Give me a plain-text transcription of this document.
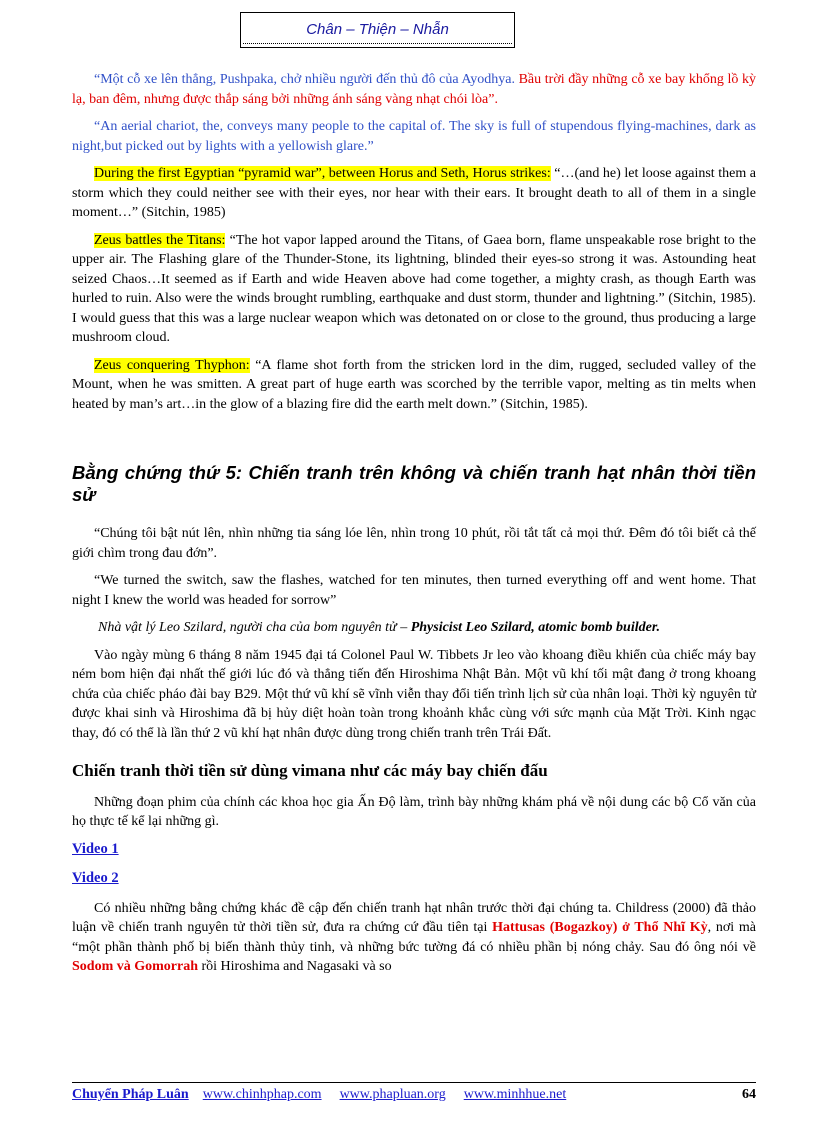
Chân – Thiện – Nhẫn

“Một cỗ xe lên thẳng, Pushpaka, chở nhiều người đến thủ đô của Ayodhya. Bầu trời đầy những cỗ xe bay khổng lồ kỳ lạ, ban đêm, nhưng được thắp sáng bởi những ánh sáng vàng nhạt chói lòa”.

“An aerial chariot, the, conveys many people to the capital of. The sky is full of stupendous flying-machines, dark as night,but picked out by lights with a yellowish glare.”

During the first Egyptian “pyramid war”, between Horus and Seth, Horus strikes: “…(and he) let loose against them a storm which they could neither see with their eyes, nor hear with their ears. It brought death to all of them in a single moment…” (Sitchin, 1985)

Zeus battles the Titans: “The hot vapor lapped around the Titans, of Gaea born, flame unspeakable rose bright to the upper air. The Flashing glare of the Thunder-Stone, its lightning, blinded their eyes-so strong it was. Astounding heat seized Chaos…It seemed as if Earth and wide Heaven above had come together, a mighty crash, as though Earth was hurled to ruin. Also were the winds brought rumbling, earthquake and dust storm, thunder and lightning.” (Sitchin, 1985). I would guess that this was a large nuclear weapon which was detonated on or close to the ground, thus producing a large mushroom cloud.

Zeus conquering Thyphon: “A flame shot forth from the stricken lord in the dim, rugged, secluded valley of the Mount, when he was smitten. A great part of huge earth was scorched by the terrible vapor, melting as tin melts when heated by man’s art…in the glow of a blazing fire did the earth melt down.” (Sitchin, 1985).

Bằng chứng thứ 5: Chiến tranh trên không và chiến tranh hạt nhân thời tiền sử

“Chúng tôi bật nút lên, nhìn những tia sáng lóe lên, nhìn trong 10 phút, rồi tắt tất cả mọi thứ. Đêm đó tôi biết cả thế giới chìm trong đau đớn”.

“We turned the switch, saw the flashes, watched for ten minutes, then turned everything off and went home. That night I knew the world was headed for sorrow”

Nhà vật lý Leo Szilard, người cha của bom nguyên tử – Physicist Leo Szilard, atomic bomb builder.

Vào ngày mùng 6 tháng 8 năm 1945 đại tá Colonel Paul W. Tibbets Jr leo vào khoang điều khiển của chiếc máy bay ném bom hiện đại nhất thế giới lúc đó và thẳng tiến đến Hiroshima Nhật Bản. Một vũ khí tối mật đang ở trong khoang chứa của chiếc pháo đài bay B29. Một thứ vũ khí sẽ vĩnh viễn thay đổi tiến trình lịch sử của nhân loại. Thời kỳ nguyên tử được khai sinh và Hiroshima đã bị hủy diệt hoàn toàn trong khoảnh khắc cùng với sức mạnh của Mặt Trời. Kinh ngạc thay, đó có thể là lần thứ 2 vũ khí hạt nhân được dùng trong chiến tranh trên Trái Đất.

Chiến tranh thời tiền sử dùng vimana như các máy bay chiến đấu

Những đoạn phim của chính các khoa học gia Ấn Độ làm, trình bày những khám phá về nội dung các bộ Cổ văn của họ thực tế kể lại những gì.

Video 1

Video 2

Có nhiều những bằng chứng khác đề cập đến chiến tranh hạt nhân trước thời đại chúng ta. Childress (2000) đã thảo luận về chiến tranh nguyên tử thời tiền sử, đưa ra chứng cứ đầu tiên tại Hattusas (Bogazkoy) ở Thổ Nhĩ Kỳ, nơi mà “một phần thành phố bị biến thành thủy tinh, và những bức tường đá có nhiều phần bị nóng chảy. Sau đó ông nói về Sodom và Gomorrah rồi Hiroshima and Nagasaki và so

Chuyển Pháp Luân www.chinhphap.com www.phapluan.org www.minhhue.net	64
